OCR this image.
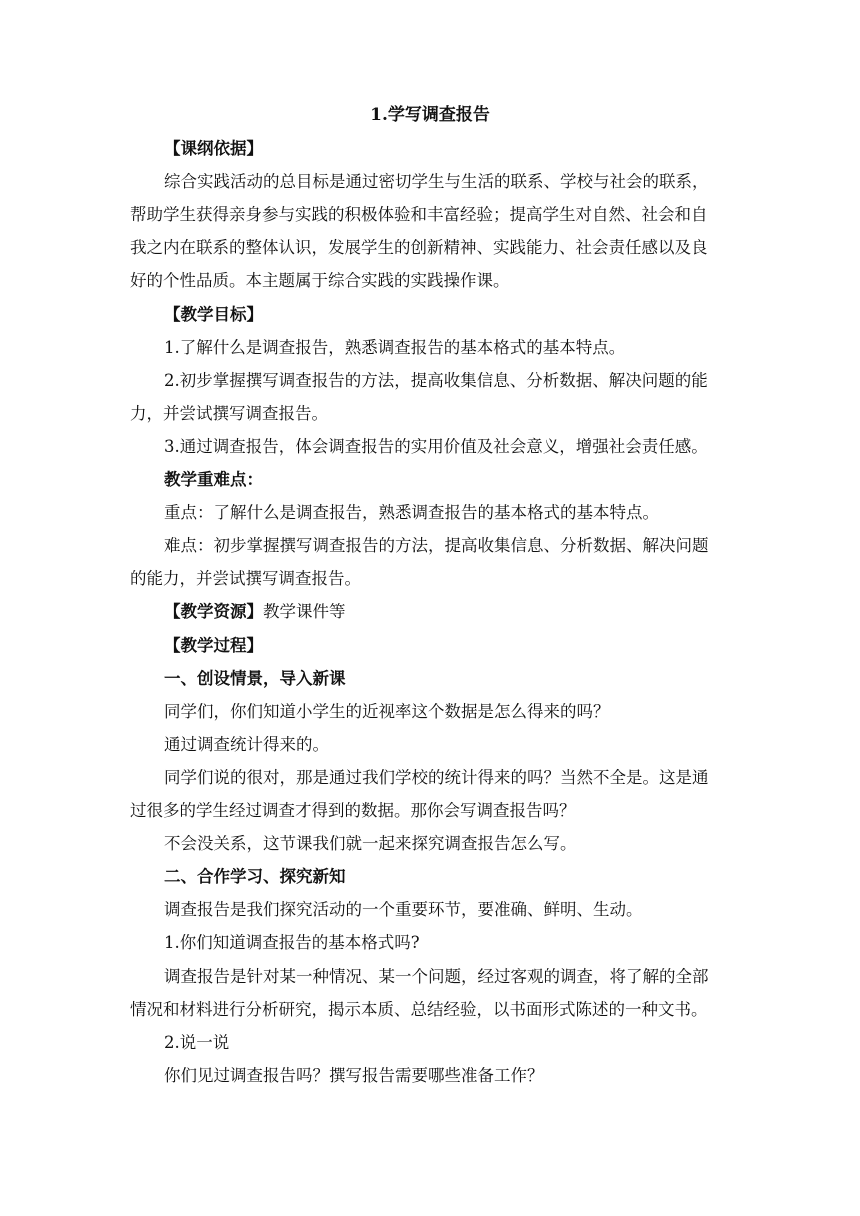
1.学写调查报告
【课纲依据】
综合实践活动的总目标是通过密切学生与生活的联系、学校与社会的联系，
帮助学生获得亲身参与实践的积极体验和丰富经验；提高学生对自然、社会和自
我之内在联系的整体认识，发展学生的创新精神、实践能力、社会责任感以及良
好的个性品质。本主题属于综合实践的实践操作课。
【教学目标】
1.了解什么是调查报告，熟悉调查报告的基本格式的基本特点。
2.初步掌握撰写调查报告的方法，提高收集信息、分析数据、解决问题的能
力，并尝试撰写调查报告。
3.通过调查报告，体会调查报告的实用价值及社会意义，增强社会责任感。
教学重难点：
重点：了解什么是调查报告，熟悉调查报告的基本格式的基本特点。
难点：初步掌握撰写调查报告的方法，提高收集信息、分析数据、解决问题
的能力，并尝试撰写调查报告。
【教学资源】教学课件等
【教学过程】
一、创设情景，导入新课
同学们，你们知道小学生的近视率这个数据是怎么得来的吗？
通过调查统计得来的。
同学们说的很对，那是通过我们学校的统计得来的吗？当然不全是。这是通
过很多的学生经过调查才得到的数据。那你会写调查报告吗？
不会没关系，这节课我们就一起来探究调查报告怎么写。
二、合作学习、探究新知
调查报告是我们探究活动的一个重要环节，要准确、鲜明、生动。
1.你们知道调查报告的基本格式吗?
调查报告是针对某一种情况、某一个问题，经过客观的调查，将了解的全部
情况和材料进行分析研究，揭示本质、总结经验，以书面形式陈述的一种文书。
2.说一说
你们见过调查报告吗？撰写报告需要哪些准备工作？
